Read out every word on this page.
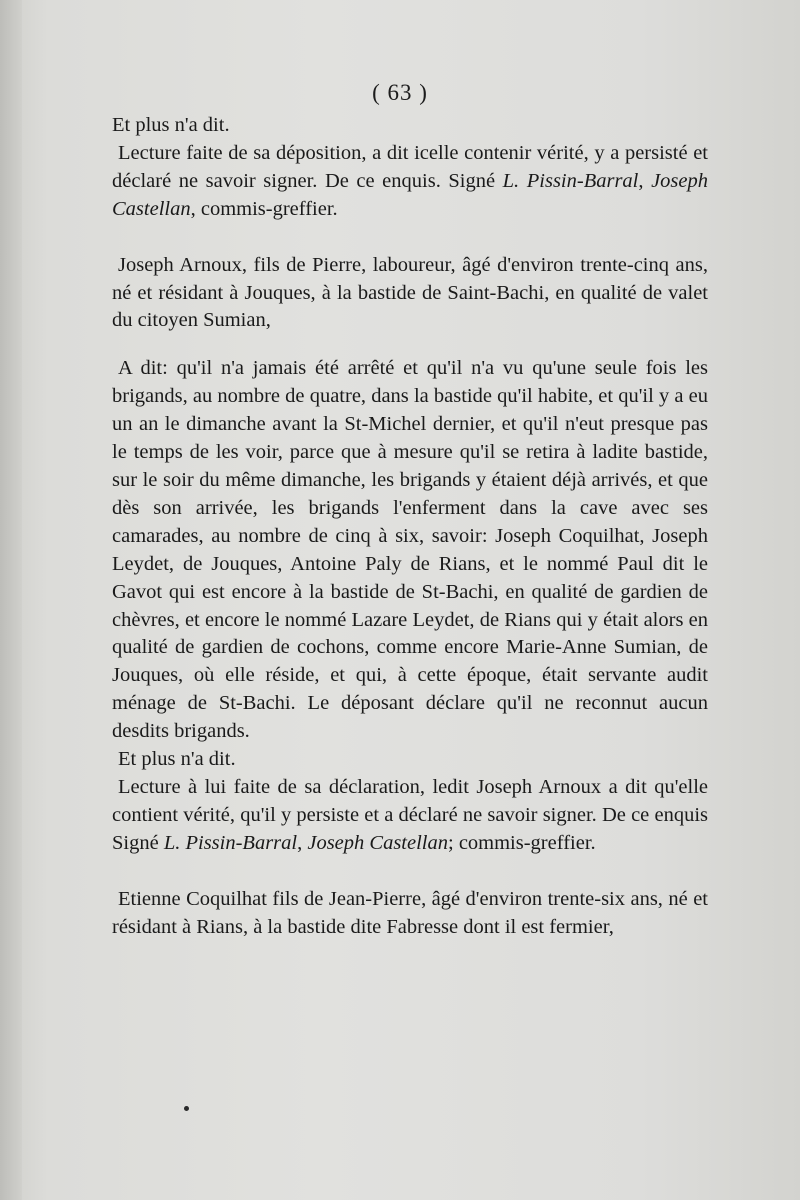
( 63 )

Et plus n'a dit.

Lecture faite de sa déposition, a dit icelle contenir vérité, y a persisté et déclaré ne savoir signer. De ce enquis. Signé L. Pissin-Barral, Joseph Castellan, commis-greffier.

Joseph Arnoux, fils de Pierre, laboureur, âgé d'environ trente-cinq ans, né et résidant à Jouques, à la bastide de Saint-Bachi, en qualité de valet du citoyen Sumian,

A dit: qu'il n'a jamais été arrêté et qu'il n'a vu qu'une seule fois les brigands, au nombre de quatre, dans la bastide qu'il habite, et qu'il y a eu un an le dimanche avant la St-Michel dernier, et qu'il n'eut presque pas le temps de les voir, parce que à mesure qu'il se retira à ladite bastide, sur le soir du même dimanche, les brigands y étaient déjà arrivés, et que dès son arrivée, les brigands l'enferment dans la cave avec ses camarades, au nombre de cinq à six, savoir: Joseph Coquilhat, Joseph Leydet, de Jouques, Antoine Paly de Rians, et le nommé Paul dit le Gavot qui est encore à la bastide de St-Bachi, en qualité de gardien de chèvres, et encore le nommé Lazare Leydet, de Rians qui y était alors en qualité de gardien de cochons, comme encore Marie-Anne Sumian, de Jouques, où elle réside, et qui, à cette époque, était servante audit ménage de St-Bachi. Le déposant déclare qu'il ne reconnut aucun desdits brigands.

Et plus n'a dit.

Lecture à lui faite de sa déclaration, ledit Joseph Arnoux a dit qu'elle contient vérité, qu'il y persiste et a déclaré ne savoir signer. De ce enquis Signé L. Pissin-Barral, Joseph Castellan; commis-greffier.

Etienne Coquilhat fils de Jean-Pierre, âgé d'environ trente-six ans, né et résidant à Rians, à la bastide dite Fabresse dont il est fermier,
